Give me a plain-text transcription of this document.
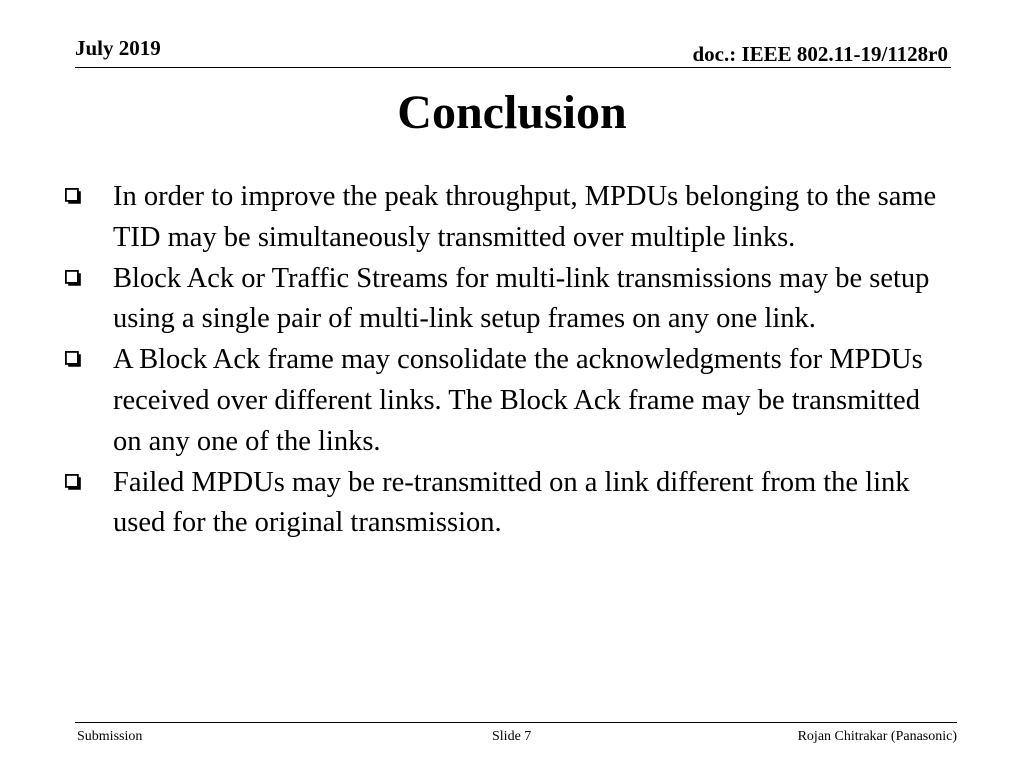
July 2019	doc.: IEEE 802.11-19/1128r0
Conclusion
In order to improve the peak throughput, MPDUs belonging to the same TID may be simultaneously transmitted over multiple links.
Block Ack or Traffic Streams for multi-link transmissions may be setup using a single pair of multi-link setup frames on any one link.
A Block Ack frame may consolidate the acknowledgments for MPDUs received over different links. The Block Ack frame may be transmitted on any one of the links.
Failed MPDUs may be re-transmitted on a link different from the link used for the original transmission.
Submission	Slide 7	Rojan Chitrakar (Panasonic)
